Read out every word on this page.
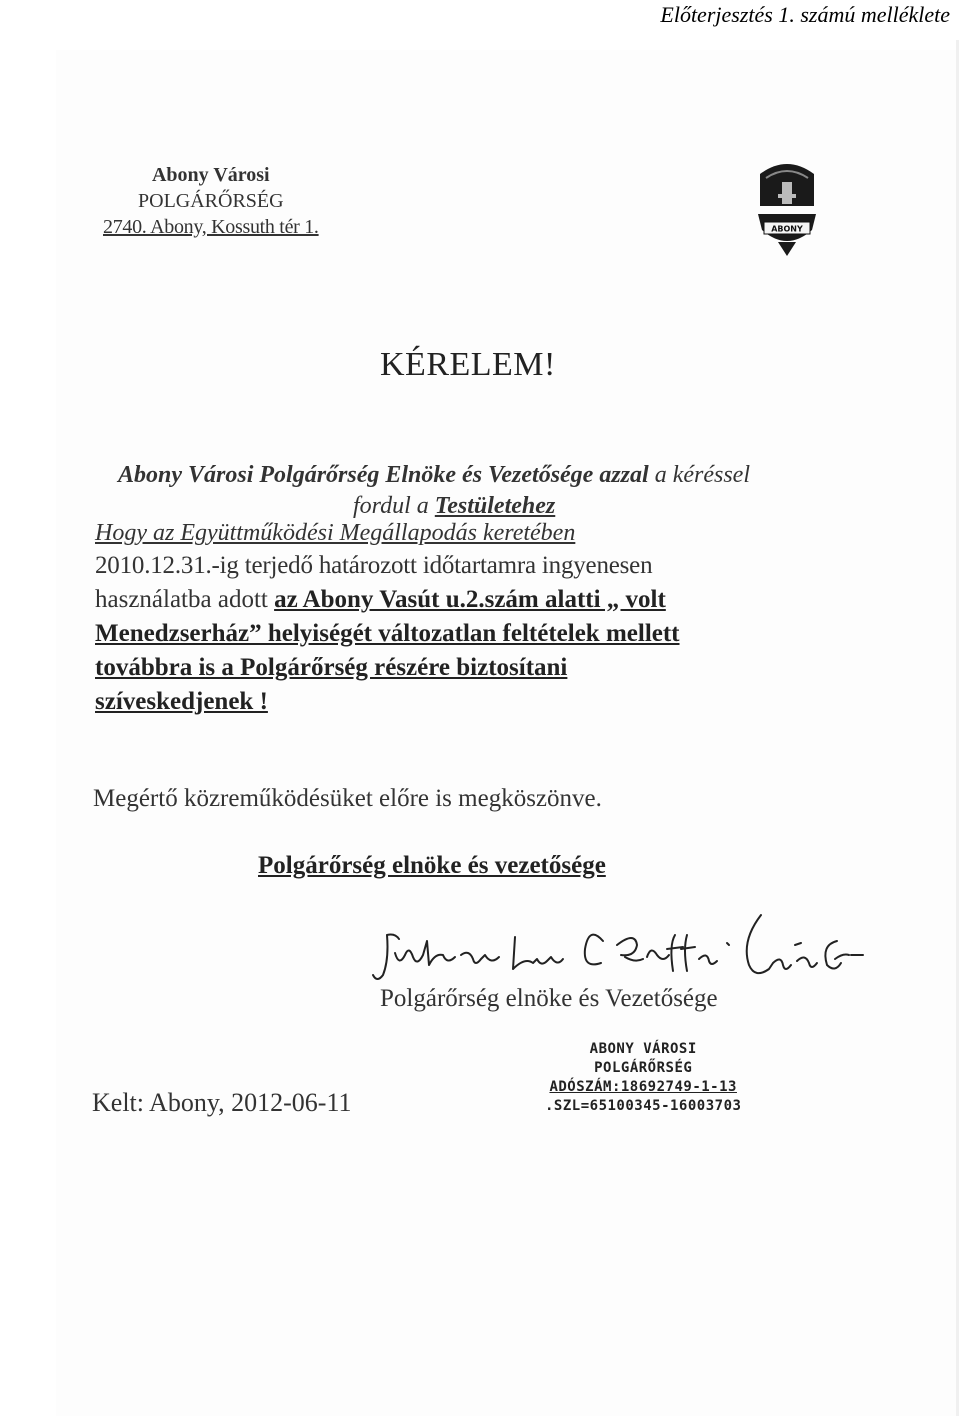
Előterjesztés 1. számú melléklete
Abony Városi
POLGÁRŐRSÉG
2740. Abony, Kossuth tér 1.	ABONY
KÉRELEM!
Abony Városi Polgárőrség Elnöke és Vezetősége azzal a kéréssel
fordul a Testületehez
Hogy az Együttműködési Megállapodás keretében
2010.12.31.-ig terjedő határozott időtartamra ingyenesen
használatba adott az Abony Vasút u.2.szám alatti „ volt
Menedzserház” helyiségét változatlan feltételek mellett
továbbra is a Polgárőrség részére biztosítani
szíveskedjenek !
Megértő közreműködésüket előre is megköszönve.
Polgárőrség elnöke és vezetősége
Polgárőrség elnöke és Vezetősége
Kelt: Abony, 2012-06-11
ABONY VÁROSI
POLGÁRŐRSÉG
ADÓSZÁM:18692749-1-13
.SZL=65100345-16003703
